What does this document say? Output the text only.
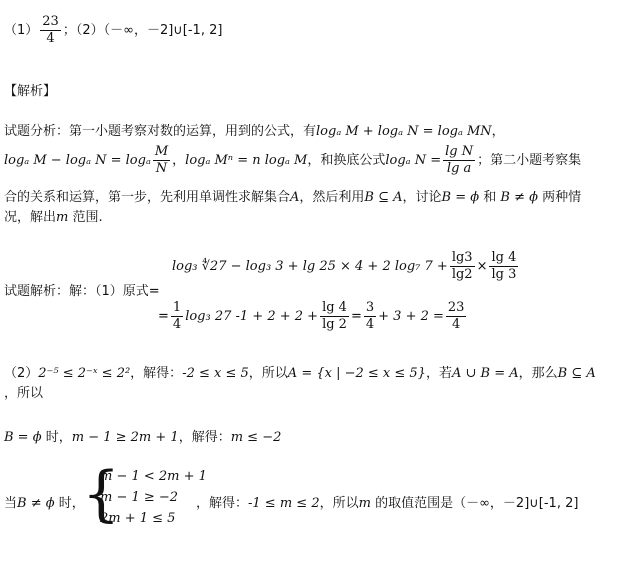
$(1) \frac{23}{4}$ ；（2）（－∞，－2]∪[-1, 2]
【解析】
试题分析：第一小题考察对数的运算，用到的公式，有logₐ M + logₐ N = logₐ MN，
logₐ M − logₐ N = logₐ $\frac{M}{N}$ ，logₐ Mⁿ = n logₐ M，和换底公式logₐ $N = \frac{\text{lg N}}{\text{lg a}}$ ；第二小题考察集
合的关系和运算，第一步，先利用单调性求解集合A，然后利用B ⊆ A，讨论B = ϕ 和 B ≠ ϕ 两种情
况，解出m 范围.
log₃ ∜27 − log₃ 3 + lg 25 × 4 + 2 log₇ $7 + \frac{\lg 3}{\lg 2} \times \frac{\lg 4}{\lg 3}$
试题解析：解：（1）原式=
= $\frac{1}{4} \log_3$ 27 $-1 + 2 + 2 + \frac{\lg 4}{\lg 2} = \frac{3}{4} + 3 + 2 = \frac{23}{4}$
（2）2⁻⁵ ≤ 2⁻ˣ ≤ 2²，解得：-2 ≤ x ≤ 5，所以A = {x | −2 ≤ x ≤ 5}，若A ∪ B = A，那么B ⊆ A
，所以
B = ϕ 时，m − 1 ≥ 2m + 1，解得：m ≤ −2
当B ≠ ϕ 时，
{
m − 1 < 2m + 1
m − 1 ≥ −2
2m + 1 ≤ 5
，解得：-1 ≤ m ≤ 2，所以m 的取值范围是（－∞，－2]∪[-1, 2]
